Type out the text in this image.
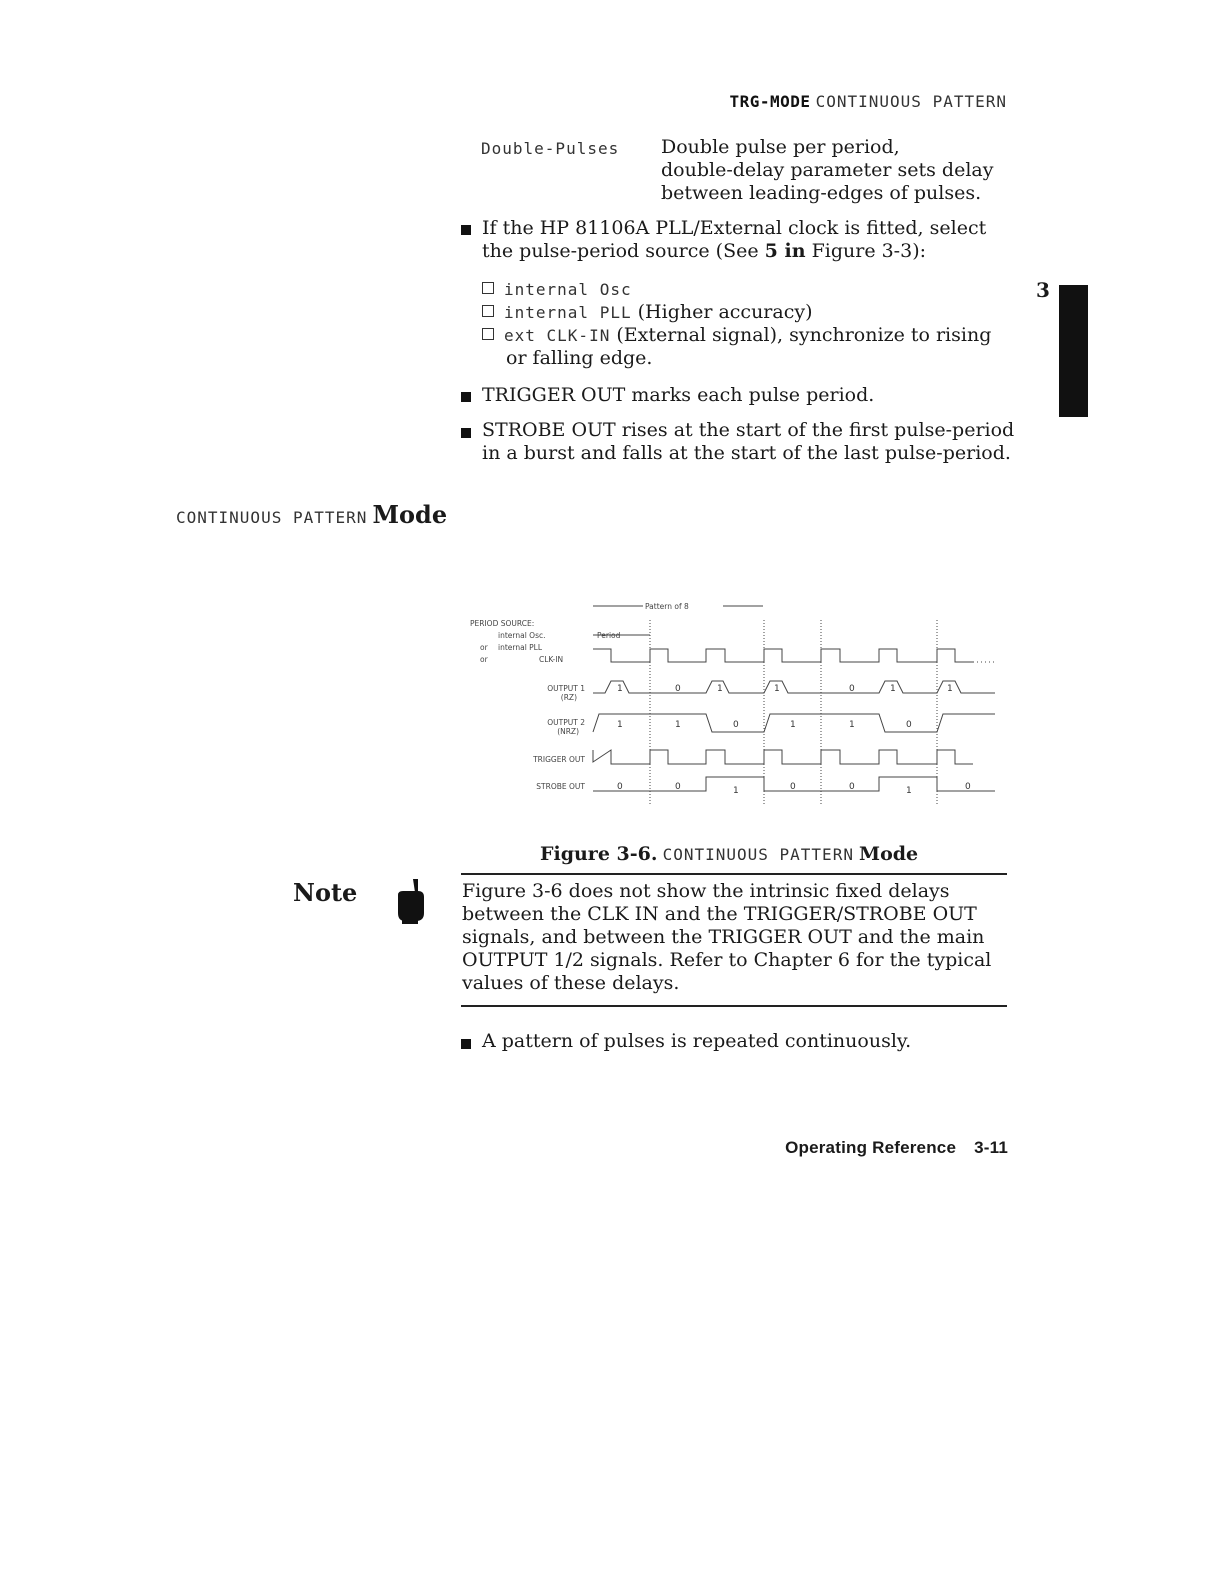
TRG-MODE CONTINUOUS PATTERN
Double-Pulses Double pulse per period,
double-delay parameter sets delay
between leading-edges of pulses.
If the HP 81106A PLL/External clock is fitted, select
the pulse-period source (See 5 in Figure 3-3):
internal Osc
internal PLL (Higher accuracy)
ext CLK-IN (External signal), synchronize to rising
or falling edge.
3
TRIGGER OUT marks each pulse period.
STROBE OUT rises at the start of the first pulse-period
in a burst and falls at the start of the last pulse-period.
CONTINUOUS PATTERN Mode
Pattern of 8
PERIOD SOURCE:
internal Osc.
or internal PLL
or	CLK-IN
Period
OUTPUT 1
(RZ)
OUTPUT 2
(NRZ)
TRIGGER OUT
STROBE OUT
1	0	1	1	0	1	1
1	1	0	1	1	0
0	0	1	0	0	1	0
Figure 3-6. CONTINUOUS PATTERN Mode
Note	Figure 3-6 does not show the intrinsic fixed delays
between the CLK IN and the TRIGGER/STROBE OUT
signals, and between the TRIGGER OUT and the main
OUTPUT 1/2 signals. Refer to Chapter 6 for the typical
values of these delays.
A pattern of pulses is repeated continuously.
Operating Reference 3-11
